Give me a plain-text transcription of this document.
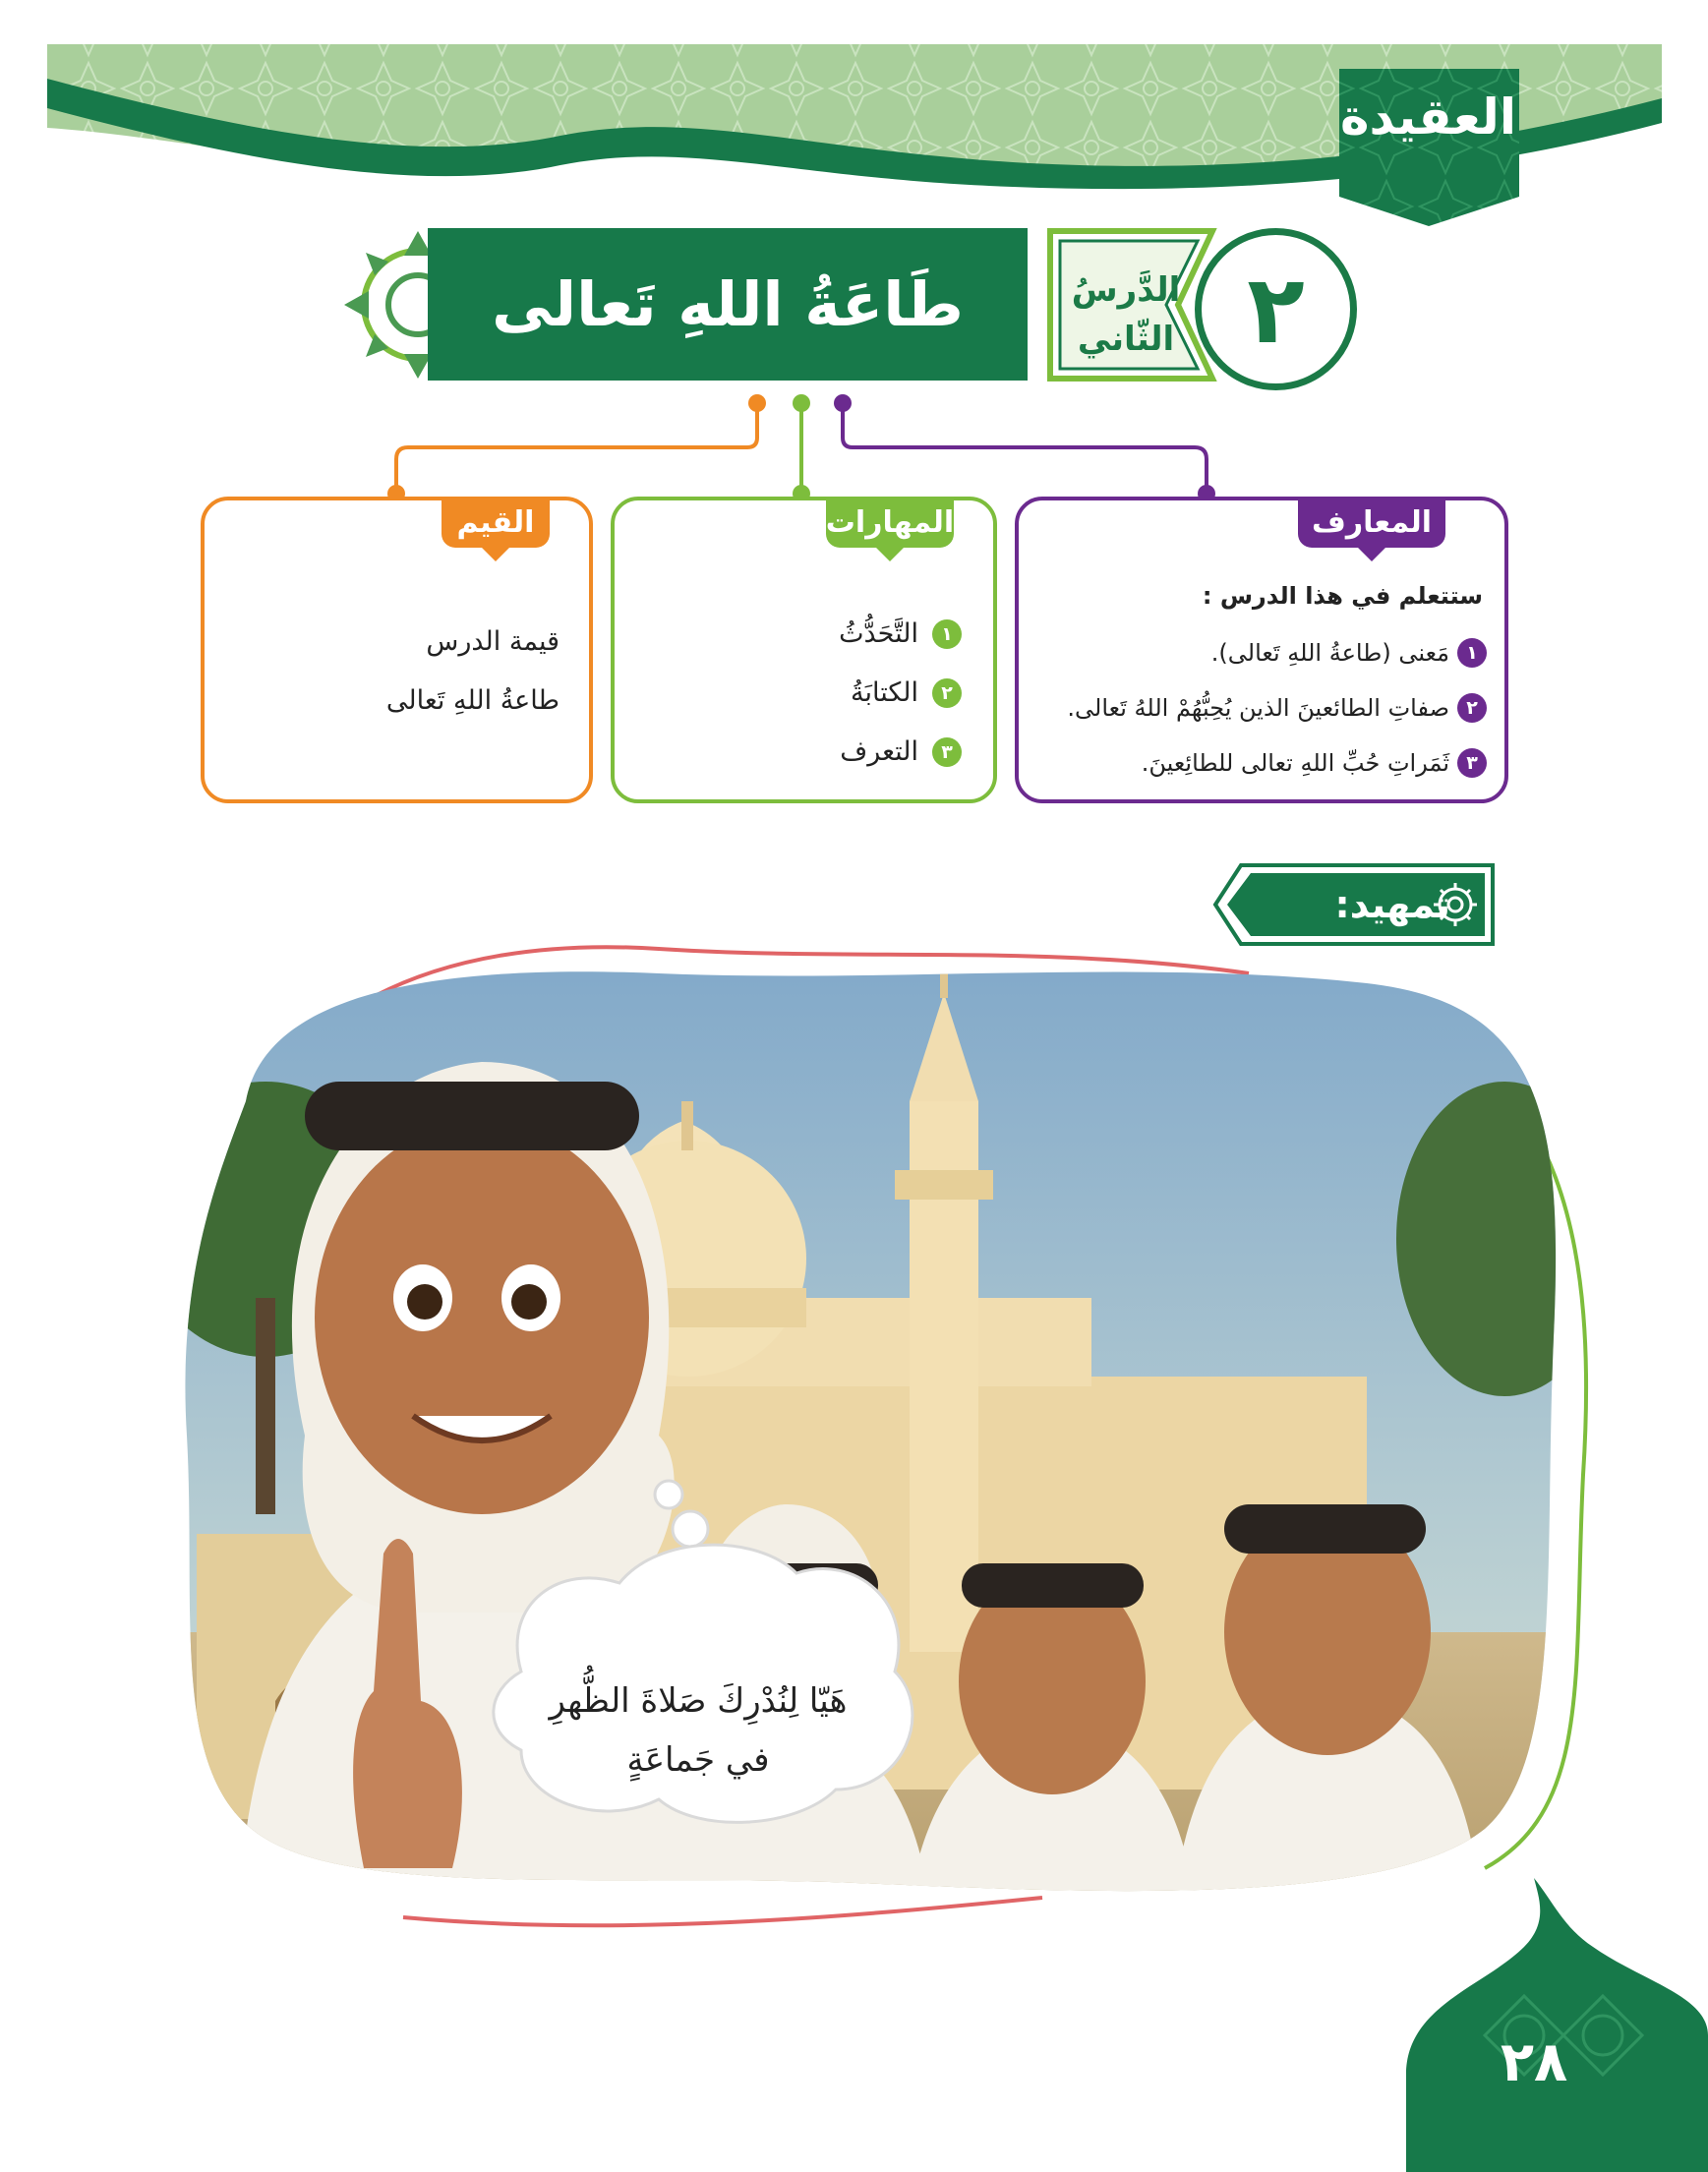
العقيدة
طَاعَةُ اللهِ تَعالى	الدَّرسُ
الثّاني ٢
المعارف
ستتعلم في هذا الدرس :
١
مَعنى (طاعةُ اللهِ تَعالى).
٢
صفاتِ الطائعينَ الذين يُحِبُّهُمْ اللهُ تَعالى.
٣
ثَمَراتِ حُبِّ اللهِ تعالى للطائِعينَ.
المهارات
١
التَّحَدُّثُ
٢
الكتابَةُ
٣
التعرف
القيم
قيمة الدرس
طاعةُ اللهِ تَعالى
تمهيد:
هَيّا لِنُدْرِكَ صَلاةَ الظُّهرِ
في جَماعَةٍ
٢٨
